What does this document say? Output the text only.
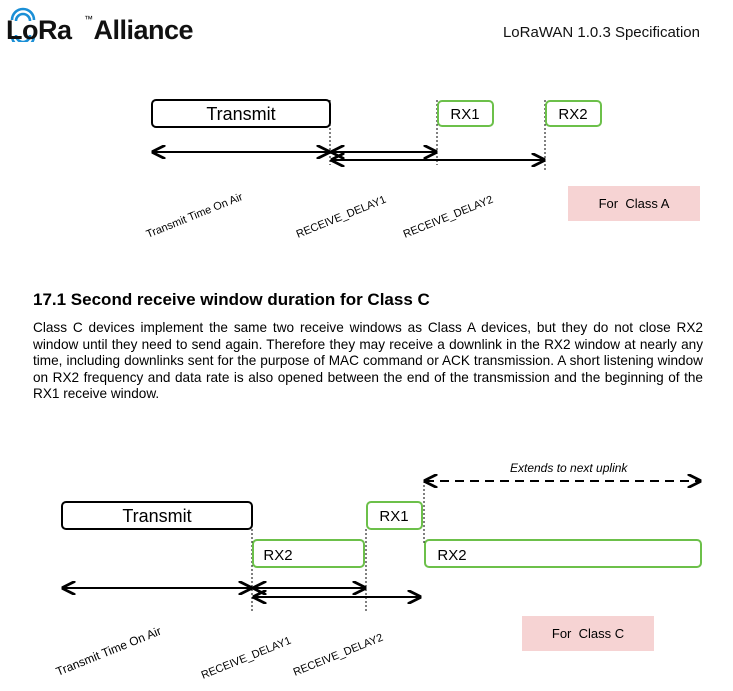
LoRa ™ Alliance	LoRaWAN 1.0.3 Specification
Transmit	RX1	RX2
Transmit Time On Air	RECEIVE_DELAY1 RECEIVE_DELAY2	For  Class A
17.1 Second receive window duration for Class C

Class C devices implement the same two receive windows as Class A devices, but they do not close RX2 window until they need to send again. Therefore they may receive a downlink in the RX2 window at nearly any time, including downlinks sent for the purpose of MAC command or ACK transmission. A short listening window on RX2 frequency and data rate is also opened between the end of the transmission and the beginning of the RX1 receive window.

Extends to next uplink
Transmit	RX1
RX2	RX2
Transmit Time On Air	RECEIVE_DELAY1
RECEIVE_DELAY2	For  Class C
